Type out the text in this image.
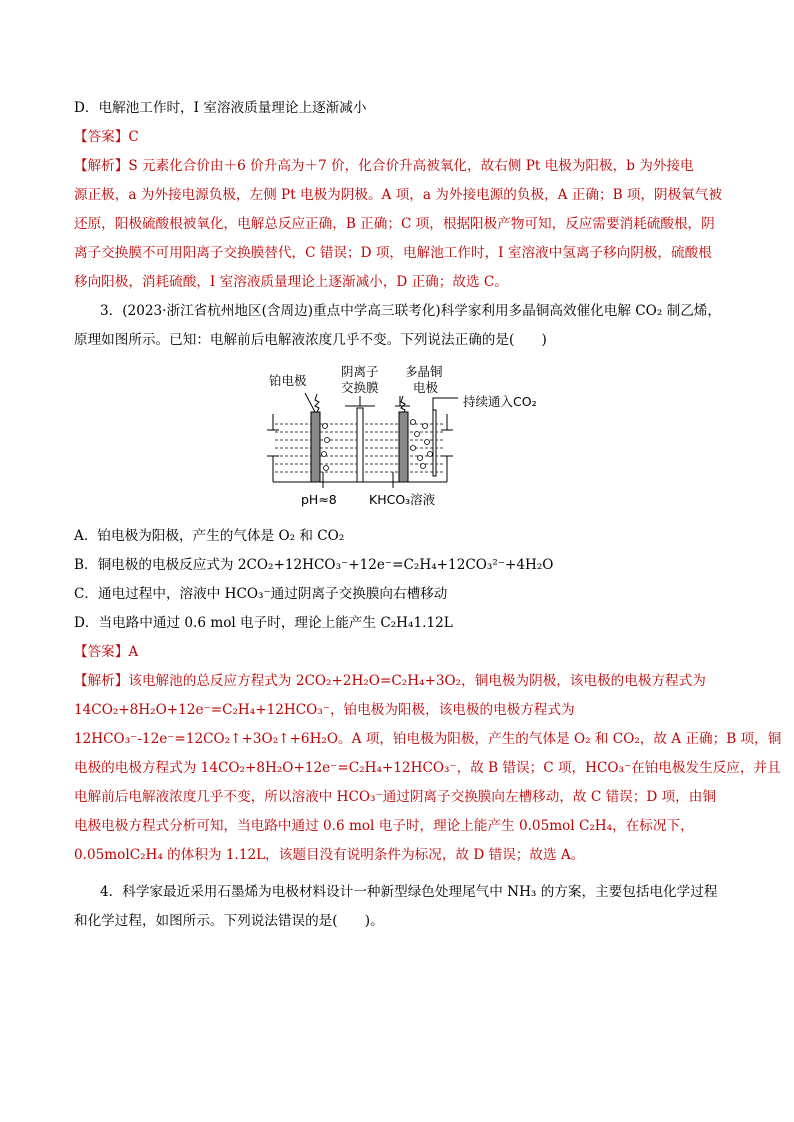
D．电解池工作时，I 室溶液质量理论上逐渐减小
【答案】C
【解析】S 元素化合价由＋6 价升高为＋7 价，化合价升高被氧化，故右侧 Pt 电极为阳极，b 为外接电
源正极，a 为外接电源负极，左侧 Pt 电极为阴极。A 项，a 为外接电源的负极，A 正确；B 项，阴极氧气被
还原，阳极硫酸根被氧化，电解总反应正确，B 正确；C 项，根据阳极产物可知，反应需要消耗硫酸根，阴
离子交换膜不可用阳离子交换膜替代，C 错误；D 项，电解池工作时，I 室溶液中氢离子移向阴极，硫酸根
移向阳极，消耗硫酸，I 室溶液质量理论上逐渐减小，D 正确；故选 C。
3．(2023·浙江省杭州地区(含周边)重点中学高三联考化)科学家利用多晶铜高效催化电解 CO₂ 制乙烯，
原理如图所示。已知：电解前后电解液浓度几乎不变。下列说法正确的是(　　)
铂电极
阴离子
交换膜
多晶铜
电极
持续通入CO₂
pH≈8	KHCO₃溶液
A．铂电极为阳极，产生的气体是 O₂ 和 CO₂
B．铜电极的电极反应式为 2CO₂+12HCO₃⁻+12e⁻=C₂H₄+12CO₃²⁻+4H₂O
C．通电过程中，溶液中 HCO₃⁻通过阴离子交换膜向右槽移动
D．当电路中通过 0.6 mol 电子时，理论上能产生 C₂H₄1.12L
【答案】A
【解析】该电解池的总反应方程式为 2CO₂+2H₂O=C₂H₄+3O₂，铜电极为阴极，该电极的电极方程式为
14CO₂+8H₂O+12e⁻=C₂H₄+12HCO₃⁻，铂电极为阳极，该电极的电极方程式为
12HCO₃⁻-12e⁻=12CO₂↑+3O₂↑+6H₂O。A 项，铂电极为阳极，产生的气体是 O₂ 和 CO₂，故 A 正确；B 项，铜
电极的电极方程式为 14CO₂+8H₂O+12e⁻=C₂H₄+12HCO₃⁻，故 B 错误；C 项，HCO₃⁻在铂电极发生反应，并且
电解前后电解液浓度几乎不变，所以溶液中 HCO₃⁻通过阴离子交换膜向左槽移动，故 C 错误；D 项，由铜
电极电极方程式分析可知，当电路中通过 0.6 mol 电子时，理论上能产生 0.05mol C₂H₄，在标况下，
0.05molC₂H₄ 的体积为 1.12L，该题目没有说明条件为标况，故 D 错误；故选 A。
4．科学家最近采用石墨烯为电极材料设计一种新型绿色处理尾气中 NH₃ 的方案，主要包括电化学过程
和化学过程，如图所示。下列说法错误的是(　　)。
